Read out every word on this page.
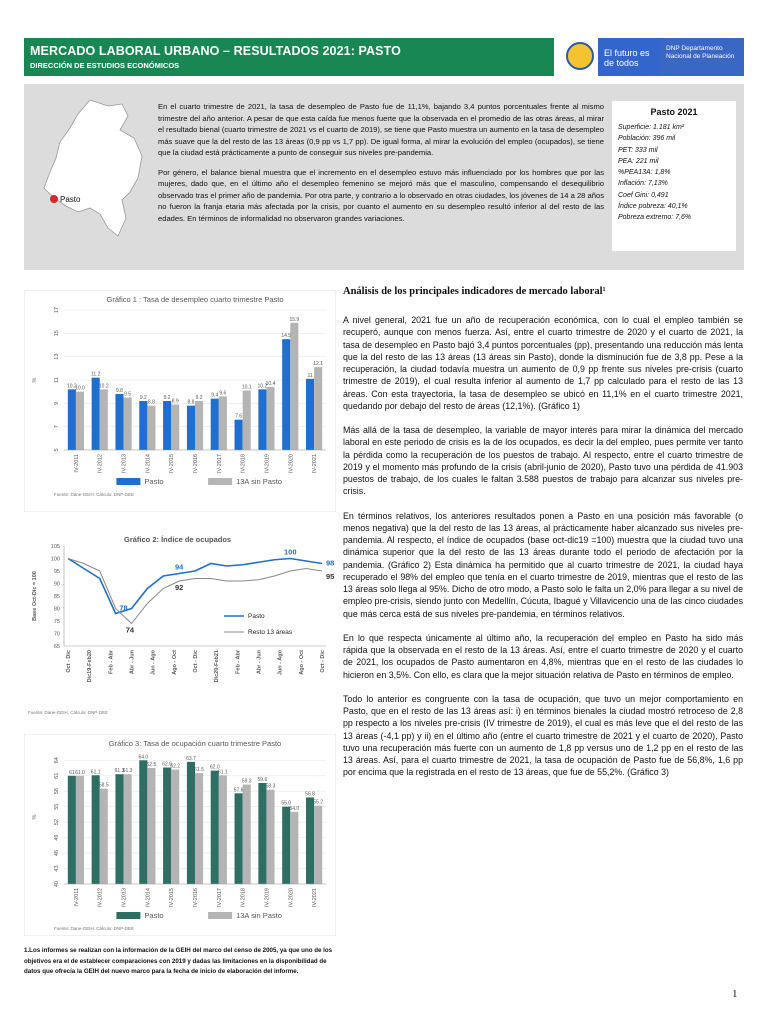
MERCADO LABORAL URBANO – RESULTADOS 2021: PASTO
DIRECCIÓN DE ESTUDIOS ECONÓMICOS
El futuro es de todos
DNP Departamento Nacional de Planeación
Pasto

En el cuarto trimestre de 2021, la tasa de desempleo de Pasto fue de 11,1%, bajando 3,4 puntos porcentuales frente al mismo trimestre del año anterior. A pesar de que esta caída fue menos fuerte que la observada en el promedio de las otras áreas, al mirar el resultado bienal (cuarto trimestre de 2021 vs el cuarto de 2019), se tiene que Pasto muestra un aumento en la tasa de desempleo más suave que la del resto de las 13 áreas (0,9 pp vs 1,7 pp). De igual forma, al mirar la evolución del empleo (ocupados), se tiene que la ciudad está prácticamente a punto de conseguir sus niveles pre-pandemia.

Por género, el balance bienal muestra que el incremento en el desempleo estuvo más influenciado por los hombres que por las mujeres, dado que, en el último año el desempleo femenino se mejoró más que el masculino, compensando el desequilibrio observado tras el primer año de pandemia. Por otra parte, y contrario a lo observado en otras ciudades, los jóvenes de 14 a 28 años no fueron la franja etaria más afectada por la crisis, por cuanto el aumento en su desempleo resultó inferior al del resto de las edades. En términos de informalidad no observaron grandes variaciones.

Pasto 2021
Superficie: 1.181 km²
Población: 396 mil
PET: 333 mil
PEA: 221 mil
%PEA13A: 1,8%
Inflación: 7,13%
Coef Gini: 0,491
Índice pobreza: 40,1%
Pobreza extremo: 7,6%
Gráfico 1 : Tasa de desempleo cuarto trimestre Pasto
5
7
9
11
13
15
17
%
10.2
10.0
IV-2011
11.2
10.2
IV-2012
9.8
9.5
IV-2013
9.2
8.8
IV-2014
9.2
8.9
IV-2015
8.8
9.2
IV-2016
9.4 9.6
IV-2017
7.6
10.1
IV-2018
10.2
10.4
IV-2019
14.5
15.9
IV-2020
11
12.1
IV-2021
Pasto	13A sin Pasto
Fuente: Dane-GEIH. Cálculo: DNP-DEE
Gráfico 2: Índice de ocupados
65
70
75
80
85
90
95
100
105
Base Oct-Dic = 100
Oct - Dic	Dic19-Feb20	Feb - Abr	Abr - Jun	Jun - Ago	Ago - Oct	Oct - Dic	Dic20-Feb21	Feb - Abr	Abr - Jun	Jun - Ago	Ago - Oct	Oct - Dic
78
74
94
92
100
98
95
Pasto
Resto 13 áreas
Fuente: Dane-GEIH. Cálculo: DNP-DEE
Gráfico 3: Tasa de ocupación cuarto trimestre Pasto
40
43
46
49
52
55
58
61
64
%
61 61.0
IV-2011
61.1
58.5
IV-2012
61.3
61.3
IV-2013
64.0
62.5
IV-2014
62.6
62.2
IV-2015
63.7
61.5
IV-2016
62.0
61.1
IV-2017
57.6
59.3
IV-2018
59.6
58.3
IV-2019
55.0
54.0
IV-2020
56.8
55.2
IV-2021
Pasto	13A sin Pasto
Fuente: Dane-GEIH. Cálculo: DNP-DEE
Análisis de los principales indicadores de mercado laboral¹

A nivel general, 2021 fue un año de recuperación económica, con lo cual el empleo también se recuperó, aunque con menos fuerza. Así, entre el cuarto trimestre de 2020 y el cuarto de 2021, la tasa de desempleo en Pasto bajó 3,4 puntos porcentuales (pp), presentando una reducción más lenta que la del resto de las 13 áreas (13 áreas sin Pasto), donde la disminución fue de 3,8 pp. Pese a la recuperación, la ciudad todavía muestra un aumento de 0,9 pp frente sus niveles pre-crisis (cuarto trimestre de 2019), el cual resulta inferior al aumento de 1,7 pp calculado para el resto de las 13 áreas. Con esta trayectoria, la tasa de desempleo se ubicó en 11,1% en el cuarto trimestre 2021, quedando por debajo del resto de áreas (12,1%). (Gráfico 1)

Más allá de la tasa de desempleo, la variable de mayor interés para mirar la dinámica del mercado laboral en este periodo de crisis es la de los ocupados, es decir la del empleo, pues permite ver tanto la pérdida como la recuperación de los puestos de trabajo. Al respecto, entre el cuarto trimestre de 2019 y el momento más profundo de la crisis (abril-junio de 2020), Pasto tuvo una pérdida de 41.903 puestos de trabajo, de los cuales le faltan 3.588 puestos de trabajo para alcanzar sus niveles pre-crisis.

En términos relativos, los anteriores resultados ponen a Pasto en una posición más favorable (o menos negativa) que la del resto de las 13 áreas, al prácticamente haber alcanzado sus niveles pre-pandemia. Al respecto, el índice de ocupados (base oct-dic19 =100) muestra que la ciudad tuvo una dinámica superior que la del resto de las 13 áreas durante todo el periodo de afectación por la pandemia. (Gráfico 2) Esta dinámica ha permitido que al cuarto trimestre de 2021, la ciudad haya recuperado el 98% del empleo que tenía en el cuarto trimestre de 2019, mientras que el resto de las 13 áreas solo llega al 95%. Dicho de otro modo, a Pasto solo le falta un 2,0% para llegar a su nivel de empleo pre-crisis, siendo junto con Medellín, Cúcuta, Ibagué y Villavicencio una de las cinco ciudades que más cerca está de sus niveles pre-pandemia, en términos relativos.

En lo que respecta únicamente al último año, la recuperación del empleo en Pasto ha sido más rápida que la observada en el resto de la 13 áreas. Así, entre el cuarto trimestre de 2020 y el cuarto de 2021, los ocupados de Pasto aumentaron en 4,8%, mientras que en el resto de las ciudades lo hicieron en 3,5%. Con ello, es clara que la mejor situación relativa de Pasto en términos de empleo.

Todo lo anterior es congruente con la tasa de ocupación, que tuvo un mejor comportamiento en Pasto, que en el resto de las 13 áreas así: i) en términos bienales la ciudad mostró retroceso de 2,8 pp respecto a los niveles pre-crisis (IV trimestre de 2019), el cual es más leve que el del resto de las 13 áreas (-4,1 pp) y ii) en el último año (entre el cuarto trimestre de 2021 y el cuarto de 2020), Pasto tuvo una recuperación más fuerte con un aumento de 1,8 pp versus uno de 1,2 pp en el resto de las 13 áreas. Así, para el cuarto trimestre de 2021, la tasa de ocupación de Pasto fue de 56,8%, 1,6 pp por encima que la registrada en el resto de 13 áreas, que fue de 55,2%. (Gráfico 3)

1.Los informes se realizan con la información de la GEIH del marco del censo de 2005, ya que uno de los objetivos era el de establecer comparaciones con 2019 y dadas las limitaciones en la disponibilidad de datos que ofrecía la GEIH del nuevo marco para la fecha de inicio de elaboración del informe.
1
